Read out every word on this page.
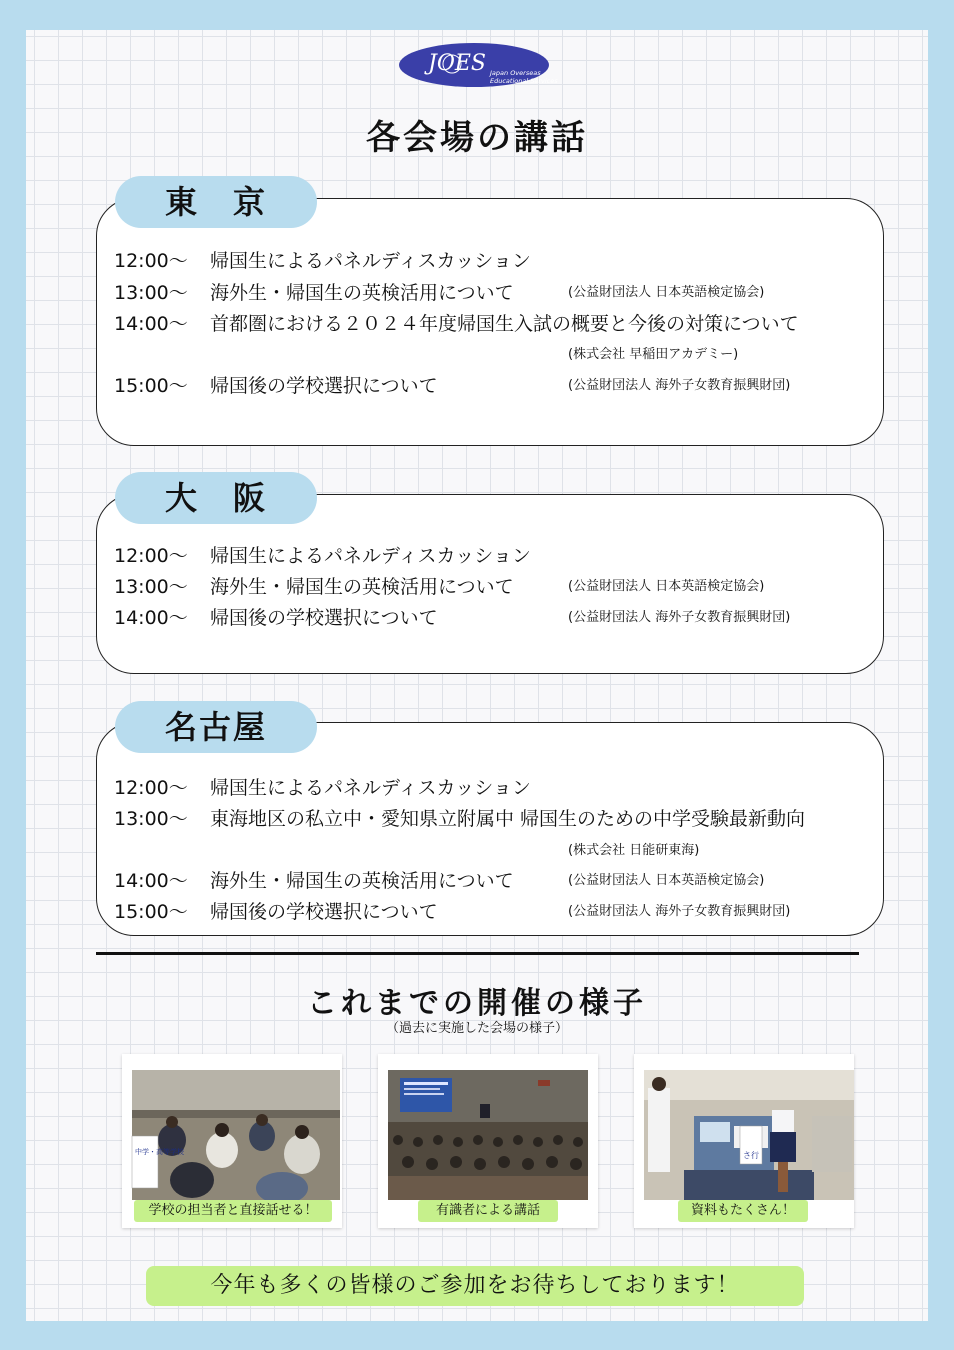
JOES Japan Overseas
Educational Services
各会場の講話
東　京
12:00〜 帰国生によるパネルディスカッション
13:00〜 海外生・帰国生の英検活用について	(公益財団法人 日本英語検定協会)
14:00〜 首都圏における２０２４年度帰国生入試の概要と今後の対策について
(株式会社 早稲田アカデミー)
15:00〜 帰国後の学校選択について	(公益財団法人 海外子女教育振興財団)
大　阪
12:00〜 帰国生によるパネルディスカッション
13:00〜 海外生・帰国生の英検活用について	(公益財団法人 日本英語検定協会)
14:00〜 帰国後の学校選択について	(公益財団法人 海外子女教育振興財団)
名古屋
12:00〜 帰国生によるパネルディスカッション
13:00〜 東海地区の私立中・愛知県立附属中 帰国生のための中学受験最新動向
(株式会社 日能研東海)
14:00〜 海外生・帰国生の英検活用について	(公益財団法人 日本英語検定協会)
15:00〜 帰国後の学校選択について	(公益財団法人 海外子女教育振興財団)
これまでの開催の様子
（過去に実施した会場の様子）
中学・高等学校
学校の担当者と直接話せる！	有識者による講話
さ行
資料もたくさん！
今年も多くの皆様のご参加をお待ちしております！
